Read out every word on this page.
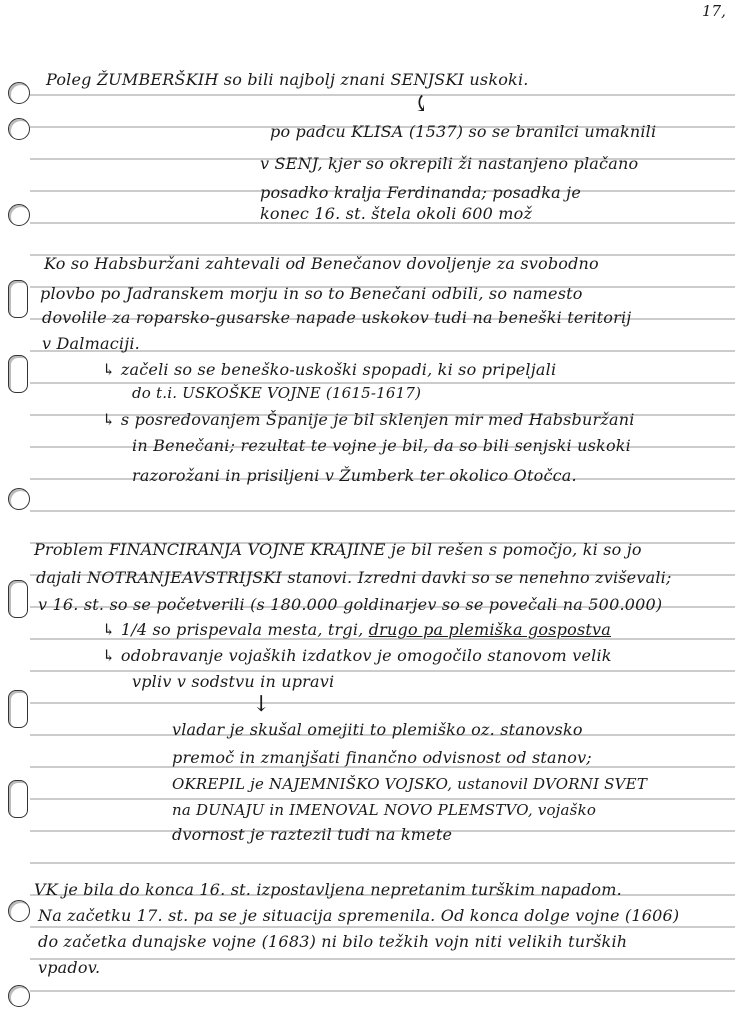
17,
Poleg ŽUMBERŠKIH so bili najbolj znani SENJSKI uskoki.
⤹
po padcu KLISA (1537) so se branilci umaknili
v SENJ, kjer so okrepili ži nastanjeno plačano
posadko kralja Ferdinanda; posadka je
konec 16. st. štela okoli 600 mož
Ko so Habsburžani zahtevali od Benečanov dovoljenje za svobodno
plovbo po Jadranskem morju in so to Benečani odbili, so namesto
dovolile za roparsko-gusarske napade uskokov tudi na beneški teritorij
v Dalmaciji.
↳ začeli so se beneško-uskoški spopadi, ki so pripeljali
do t.i. USKOŠKE VOJNE (1615-1617)
↳ s posredovanjem Španije je bil sklenjen mir med Habsburžani
in Benečani; rezultat te vojne je bil, da so bili senjski uskoki
razorožani in prisiljeni v Žumberk ter okolico Otočca.
Problem FINANCIRANJA VOJNE KRAJINE je bil rešen s pomočjo, ki so jo
dajali NOTRANJEAVSTRIJSKI stanovi. Izredni davki so se nenehno zviševali;
v 16. st. so se početverili (s 180.000 goldinarjev so se povečali na 500.000)
↳ 1/4 so prispevala mesta, trgi, drugo pa plemiška gospostva
↳ odobravanje vojaških izdatkov je omogočilo stanovom velik
vpliv v sodstvu in upravi
↓
vladar je skušal omejiti to plemiško oz. stanovsko
premoč in zmanjšati finančno odvisnost od stanov;
OKREPIL je NAJEMNIŠKO VOJSKO, ustanovil DVORNI SVET
na DUNAJU in IMENOVAL NOVO PLEMSTVO, vojaško
dvornost je raztezil tudi na kmete
VK je bila do konca 16. st. izpostavljena nepretanim turškim napadom.
Na začetku 17. st. pa se je situacija spremenila. Od konca dolge vojne (1606)
do začetka dunajske vojne (1683) ni bilo težkih vojn niti velikih turških
vpadov.
